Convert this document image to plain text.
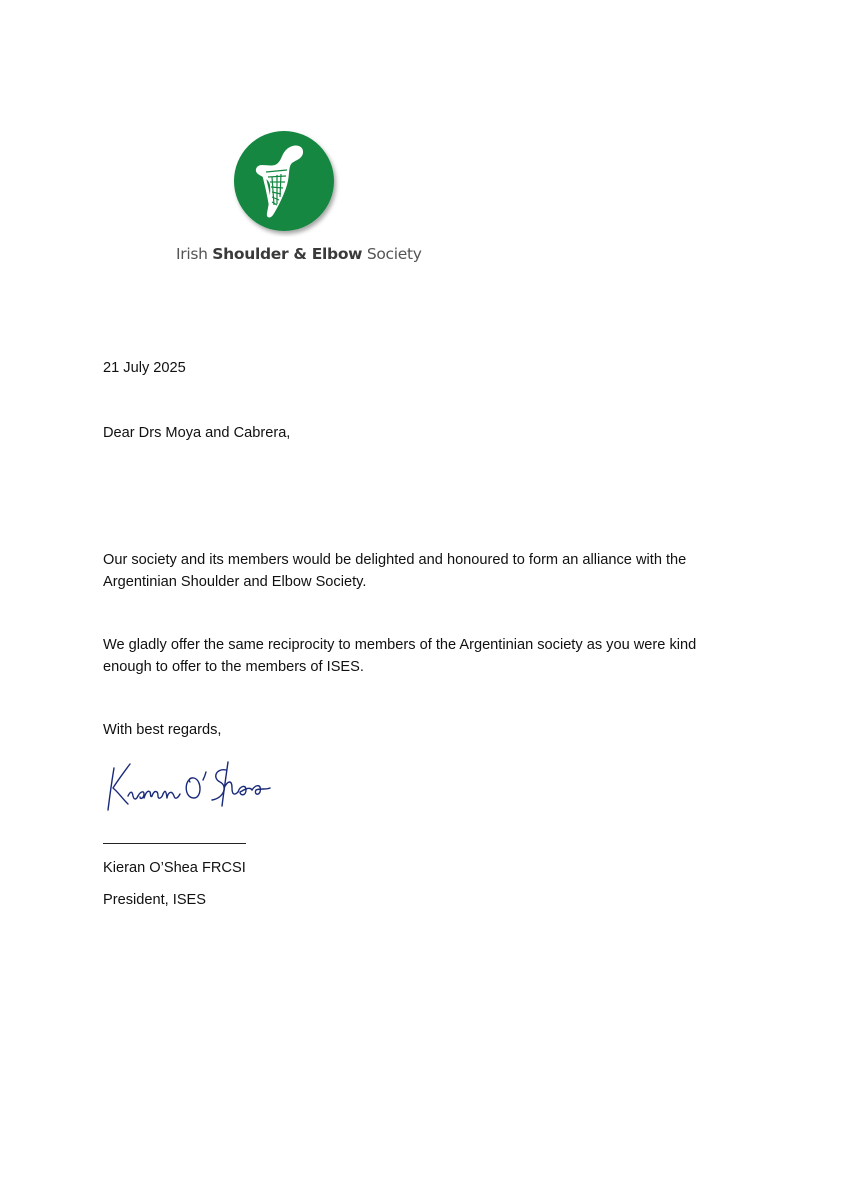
Irish Shoulder & Elbow Society
21 July 2025
Dear Drs Moya and Cabrera,
Our society and its members would be delighted and honoured to form an alliance with the
Argentinian Shoulder and Elbow Society.
We gladly offer the same reciprocity to members of the Argentinian society as you were kind
enough to offer to the members of ISES.
With best regards,
Kieran O’Shea FRCSI
President, ISES
